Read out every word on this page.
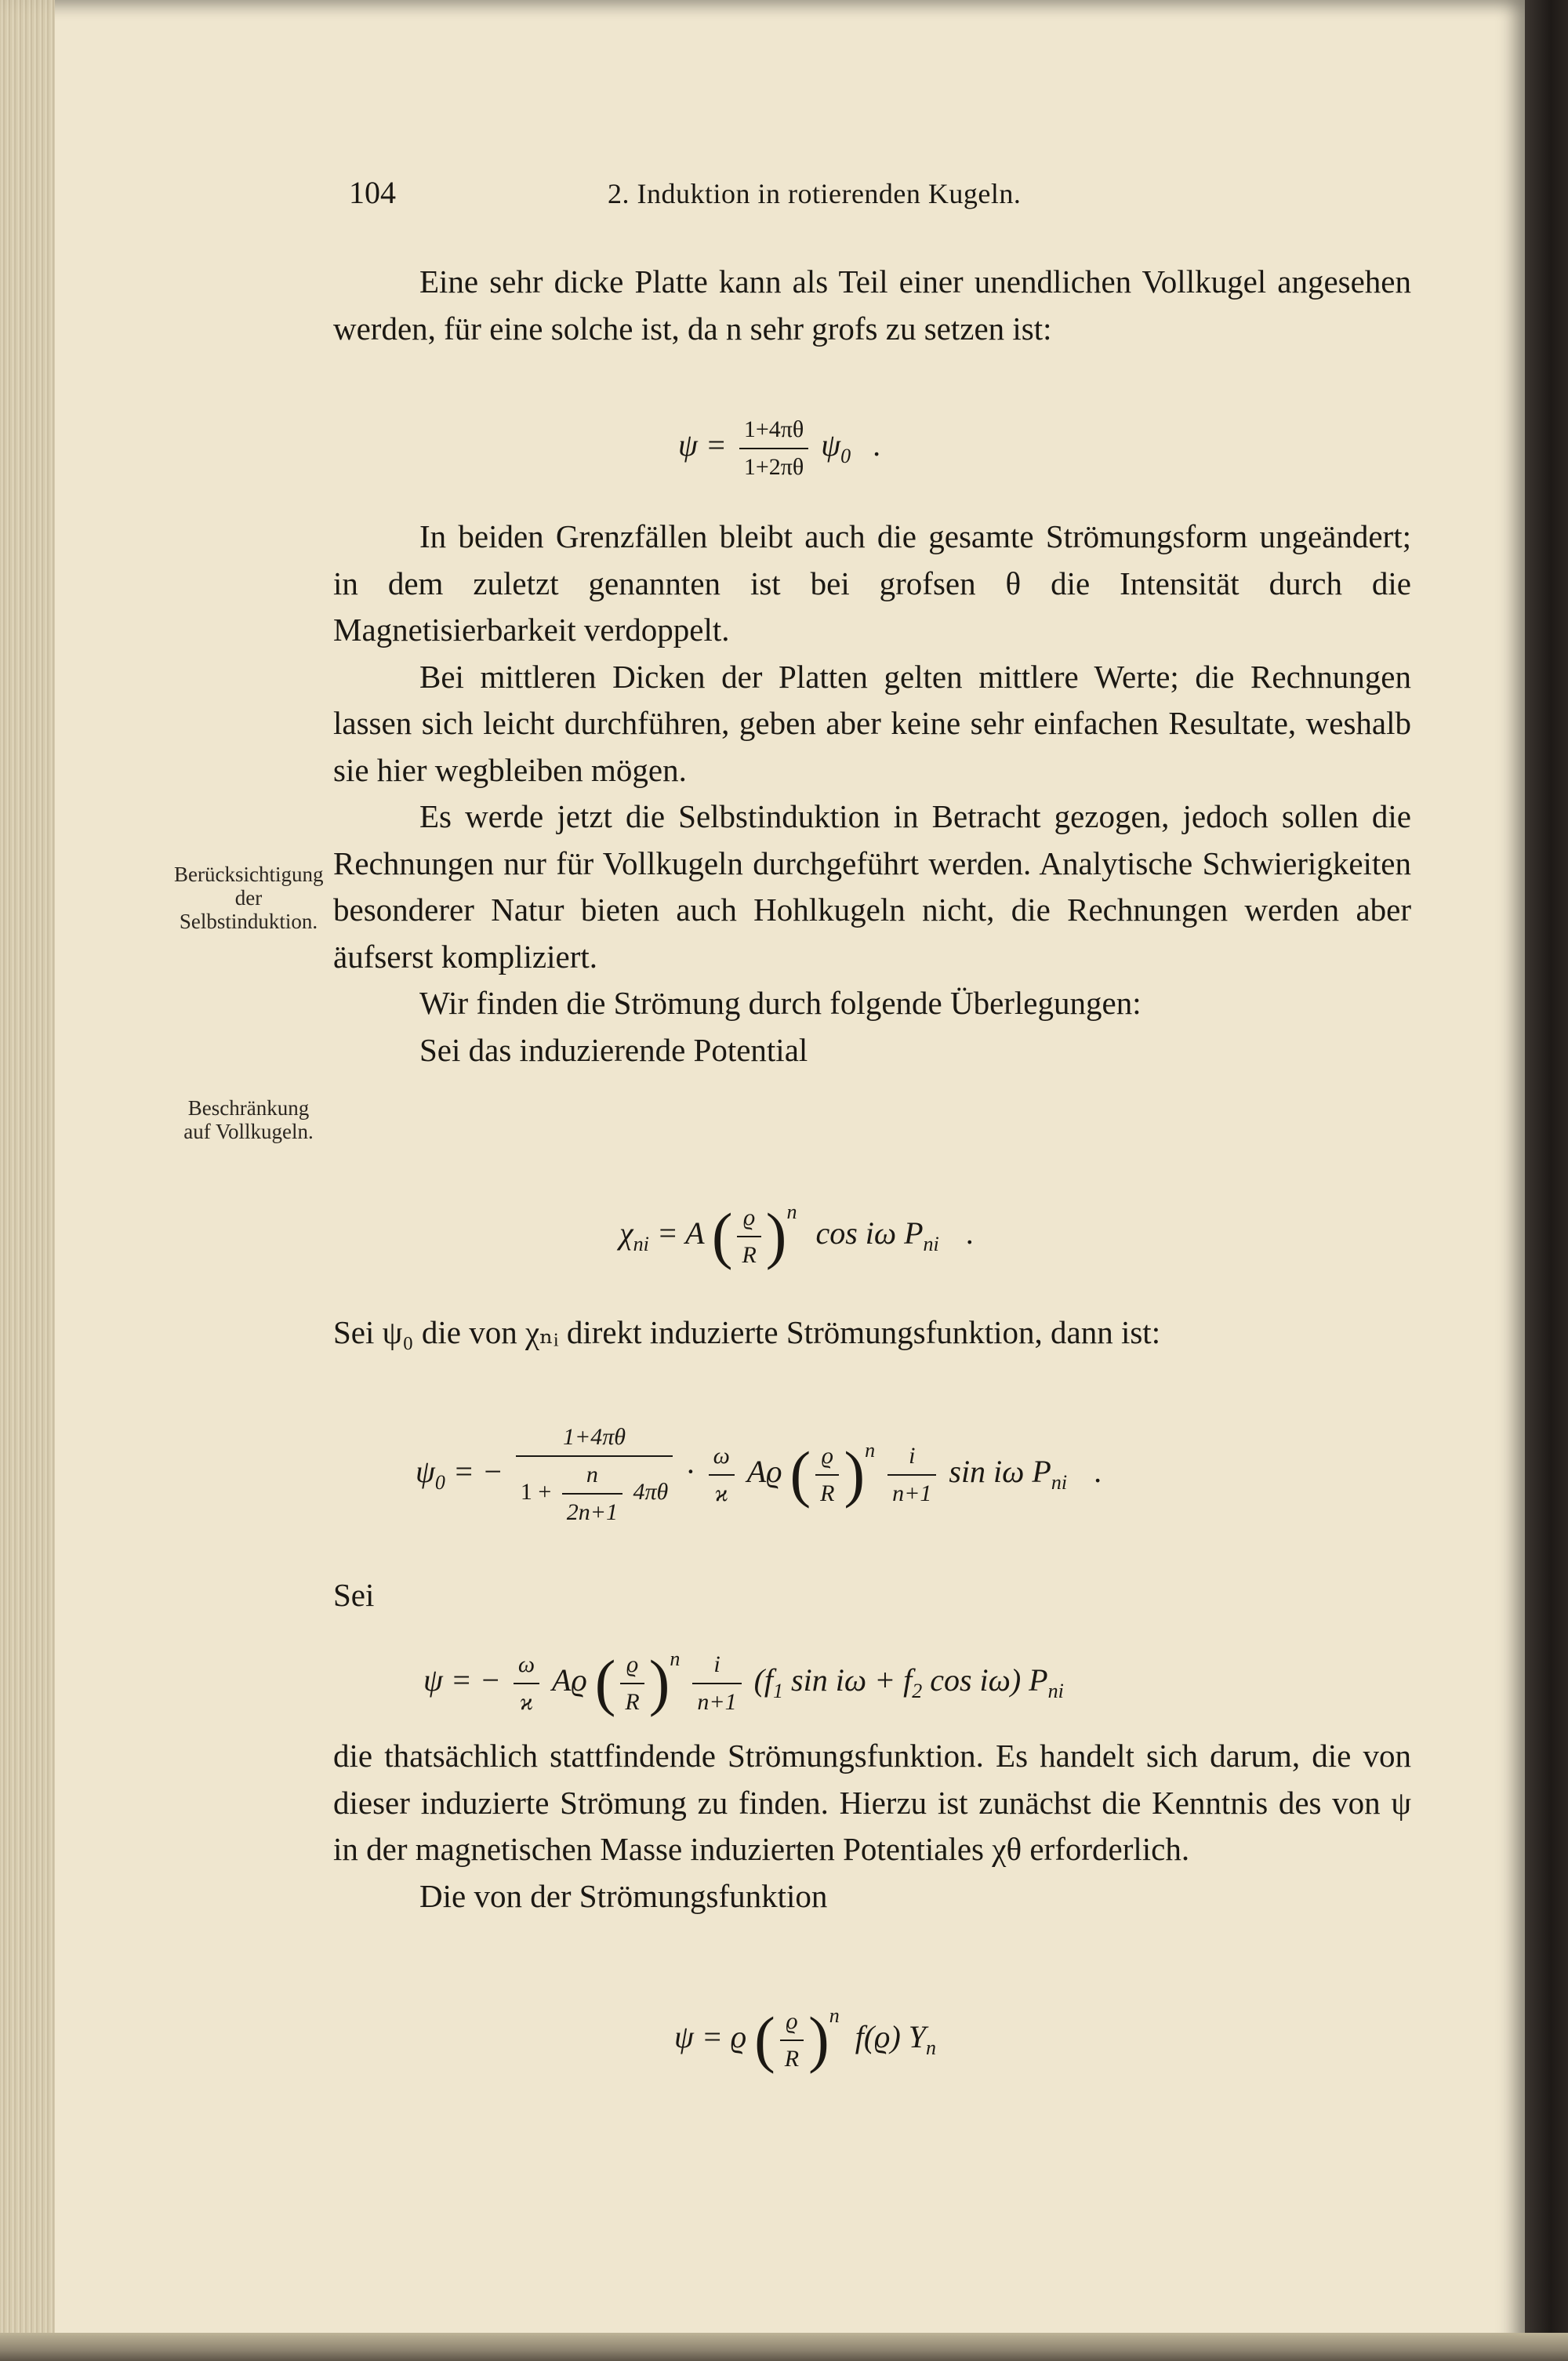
104	2. Induktion in rotierenden Kugeln.

Eine sehr dicke Platte kann als Teil einer unendlichen Vollkugel angesehen werden, für eine solche ist, da n sehr grofs zu setzen ist:

$\psi = \frac{1+4\pi\theta}{1+2\pi\theta} \psi_0$ .

In beiden Grenzfällen bleibt auch die gesamte Strömungsform ungeändert; in dem zuletzt genannten ist bei grofsen θ die Intensität durch die Magnetisierbarkeit verdoppelt.

Bei mittleren Dicken der Platten gelten mittlere Werte; die Rechnungen lassen sich leicht durchführen, geben aber keine sehr einfachen Resultate, weshalb sie hier wegbleiben mögen.

Es werde jetzt die Selbstinduktion in Betracht gezogen, jedoch sollen die Rechnungen nur für Vollkugeln durchgeführt werden. Analytische Schwierigkeiten besonderer Natur bieten auch Hohlkugeln nicht, die Rechnungen werden aber äufserst kompliziert.

Wir finden die Strömung durch folgende Überlegungen:

Sei das induzierende Potential

Berücksichtigung der Selbstinduktion.
Beschränkung auf Vollkugeln.
$\chi_{ni} = A$ ( $\frac{ϱ}{R} )^n$ cos iω $P_{ni}$ .

Sei ψ₀ die von χₙᵢ direkt induzierte Strömungsfunktion, dann ist:

$\psi_0$ = − $\frac{1+4\pi\theta}{1 + \frac{n}{2n+1} 4\pi\theta} \cdot \frac{\omega}{ϰ}$ Aϱ ( $\frac{ϱ}{R} )^n \frac{i}{n+1}$ sin iω $P_{ni}$ .

Sei

ψ = − $\frac{\omega}{ϰ}$ Aϱ ( $\frac{ϱ}{R} )^n \frac{i}{n+1} (f_1$ $\sin i\omega + f_2$ cos iω) $P_{ni}$

die thatsächlich stattfindende Strömungsfunktion. Es handelt sich darum, die von dieser induzierte Strömung zu finden. Hierzu ist zunächst die Kenntnis des von ψ in der magnetischen Masse induzierten Potentiales χθ erforderlich.

Die von der Strömungsfunktion

ψ = ϱ ( $\frac{ϱ}{R} )^n$ f(ϱ) $Y_n$
